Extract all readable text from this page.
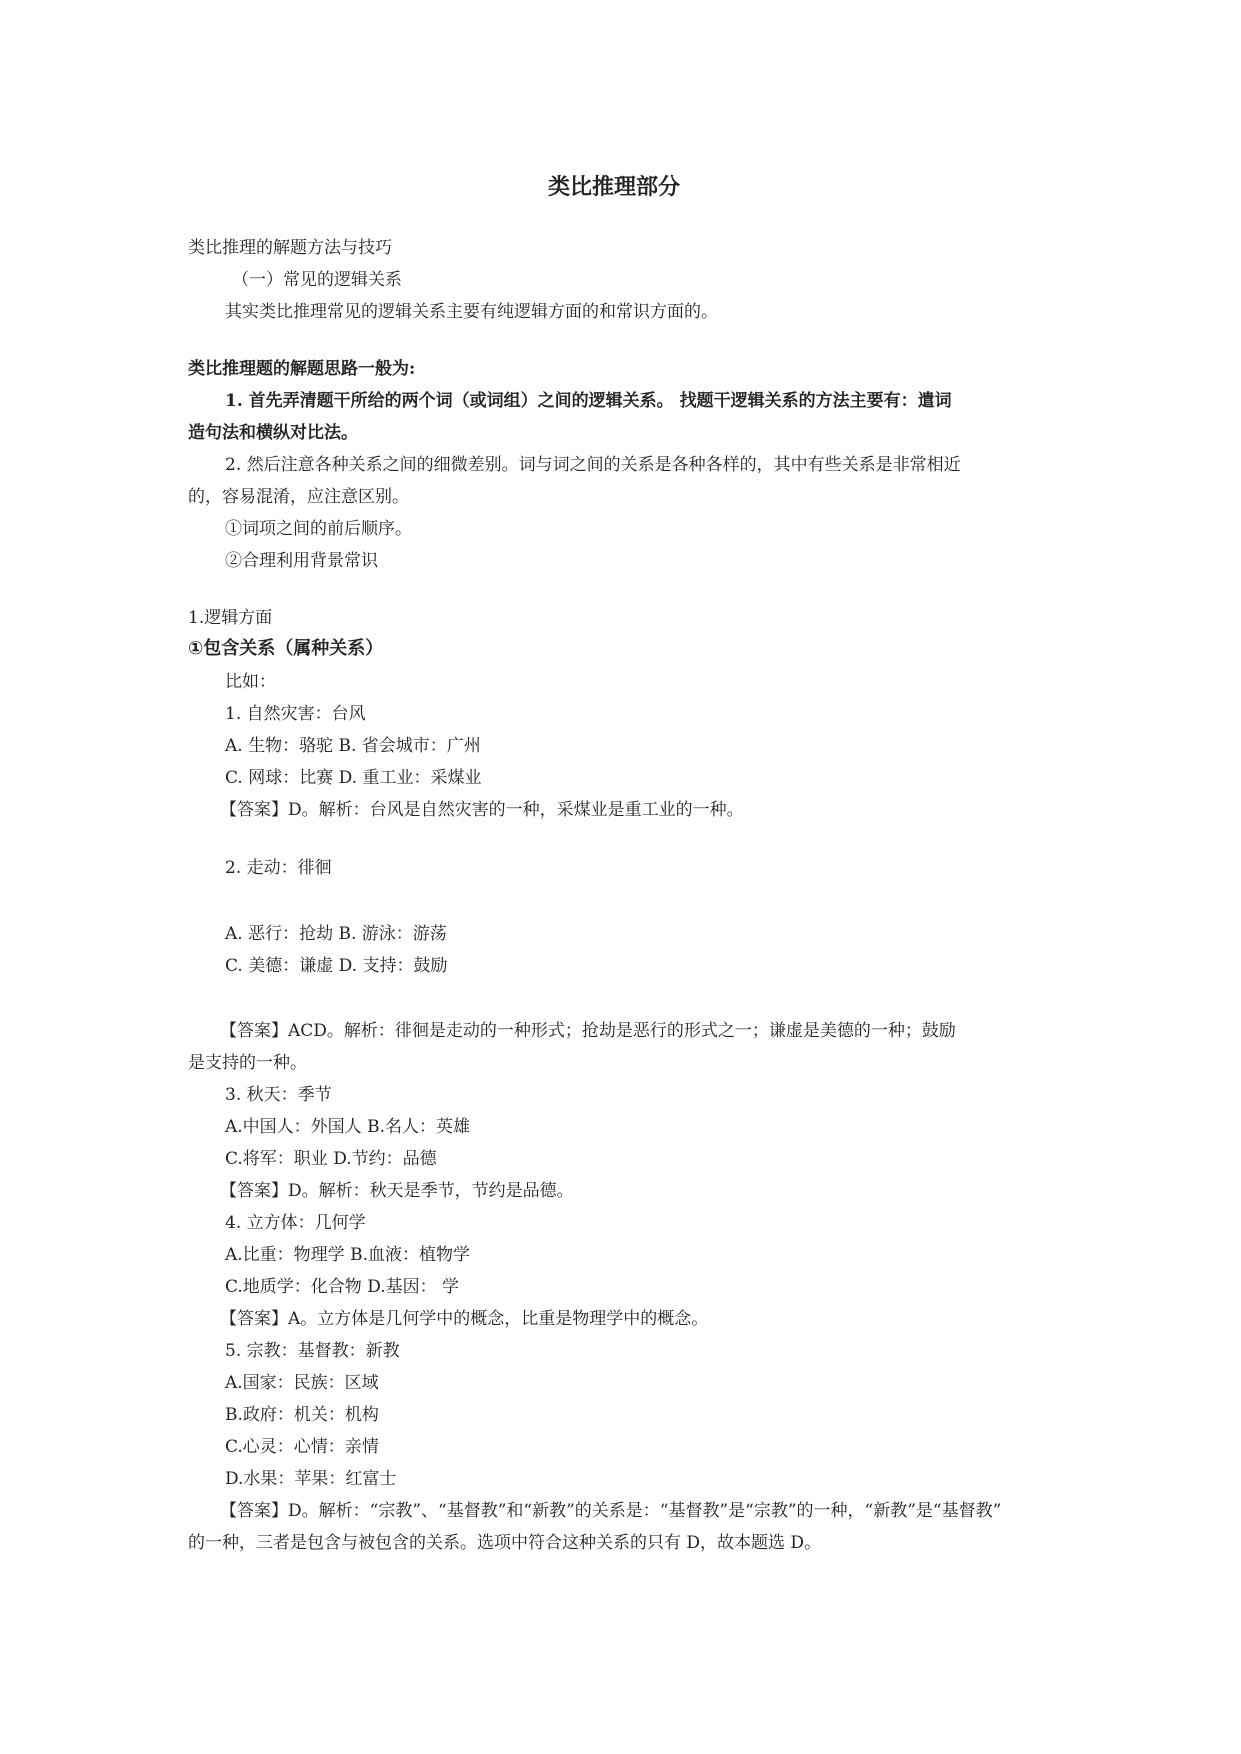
类比推理部分
类比推理的解题方法与技巧
（一）常见的逻辑关系
其实类比推理常见的逻辑关系主要有纯逻辑方面的和常识方面的。
类比推理题的解题思路一般为:
1. 首先弄清题干所给的两个词（或词组）之间的逻辑关系。 找题干逻辑关系的方法主要有：遣词
造句法和横纵对比法。
2. 然后注意各种关系之间的细微差别。词与词之间的关系是各种各样的，其中有些关系是非常相近
的，容易混淆，应注意区别。
①词项之间的前后顺序。
②合理利用背景常识
1.逻辑方面
①包含关系（属种关系）
比如：
1. 自然灾害：台风
A. 生物：骆驼 B. 省会城市：广州
C. 网球：比赛 D. 重工业：采煤业
【答案】D。解析：台风是自然灾害的一种，采煤业是重工业的一种。
2. 走动：徘徊
A. 恶行：抢劫 B. 游泳：游荡
C. 美德：谦虚 D. 支持：鼓励
【答案】ACD。解析：徘徊是走动的一种形式；抢劫是恶行的形式之一；谦虚是美德的一种；鼓励
是支持的一种。
3. 秋天：季节
A.中国人：外国人 B.名人：英雄
C.将军：职业 D.节约：品德
【答案】D。解析：秋天是季节，节约是品德。
4. 立方体：几何学
A.比重：物理学 B.血液：植物学
C.地质学：化合物 D.基因： 学
【答案】A。立方体是几何学中的概念，比重是物理学中的概念。
5. 宗教：基督教：新教
A.国家：民族：区域
B.政府：机关：机构
C.心灵：心情：亲情
D.水果：苹果：红富士
【答案】D。解析：“宗教”、“基督教”和“新教”的关系是：“基督教”是“宗教”的一种，“新教”是“基督教”
的一种，三者是包含与被包含的关系。选项中符合这种关系的只有 D，故本题选 D。
